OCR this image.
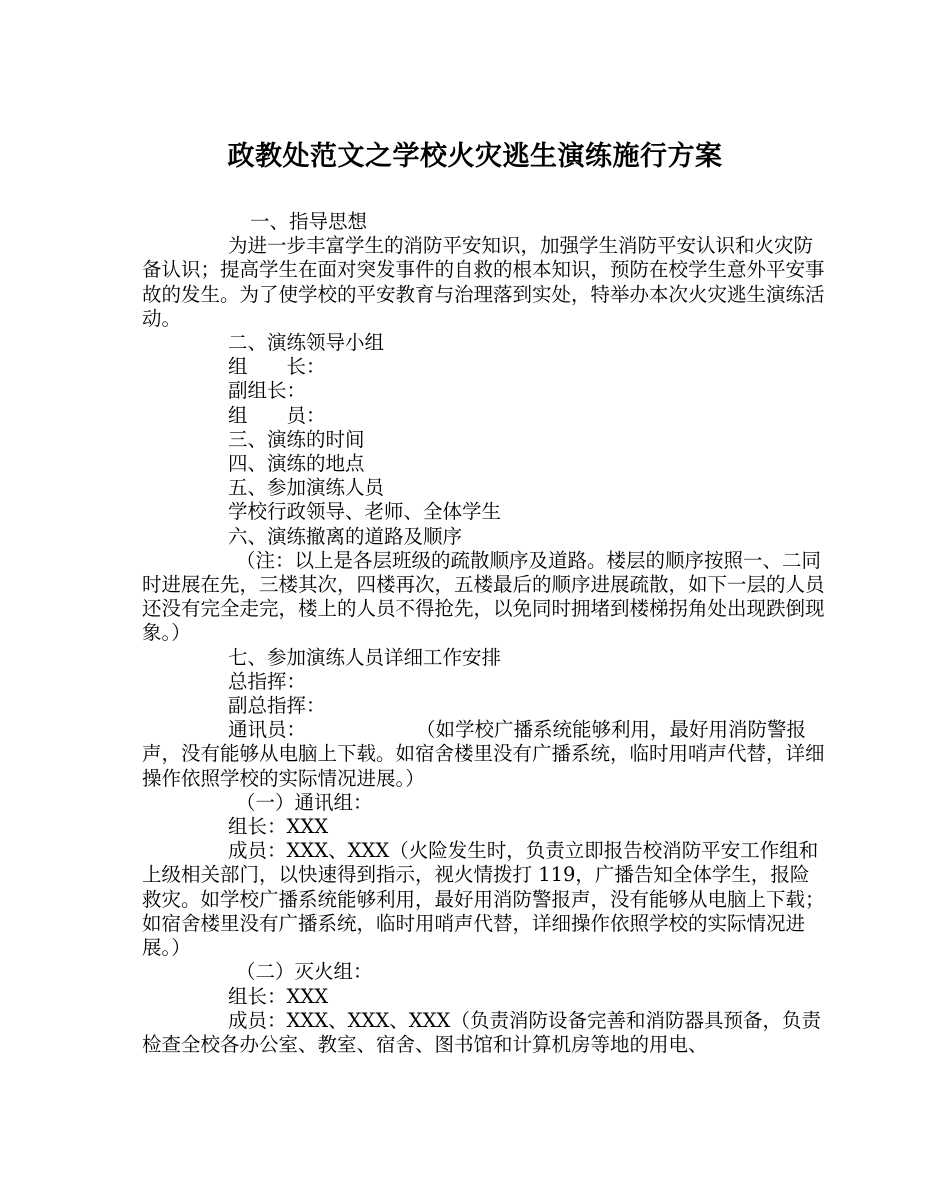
政教处范文之学校火灾逃生演练施行方案

一、指导思想

为进一步丰富学生的消防平安知识，加强学生消防平安认识和火灾防备认识；提高学生在面对突发事件的自救的根本知识，预防在校学生意外平安事故的发生。为了使学校的平安教育与治理落到实处，特举办本次火灾逃生演练活动。

二、演练领导小组

组　　长：

副组长：

组　　员：

三、演练的时间

四、演练的地点

五、参加演练人员

学校行政领导、老师、全体学生

六、演练撤离的道路及顺序

（注：以上是各层班级的疏散顺序及道路。楼层的顺序按照一、二同时进展在先，三楼其次，四楼再次，五楼最后的顺序进展疏散，如下一层的人员还没有完全走完，楼上的人员不得抢先，以免同时拥堵到楼梯拐角处出现跌倒现象。）

七、参加演练人员详细工作安排

总指挥：

副总指挥：

通讯员：	（如学校广播系统能够利用，最好用消防警报声，没有能够从电脑上下载。如宿舍楼里没有广播系统，临时用哨声代替，详细操作依照学校的实际情况进展。）

（一）通讯组：

组长：XXX

成员：XXX、XXX（火险发生时，负责立即报告校消防平安工作组和上级相关部门，以快速得到指示，视火情拨打 119，广播告知全体学生，报险救灾。如学校广播系统能够利用，最好用消防警报声，没有能够从电脑上下载；如宿舍楼里没有广播系统，临时用哨声代替，详细操作依照学校的实际情况进展。）

（二）灭火组：

组长：XXX

成员：XXX、XXX、XXX（负责消防设备完善和消防器具预备，负责检查全校各办公室、教室、宿舍、图书馆和计算机房等地的用电、
